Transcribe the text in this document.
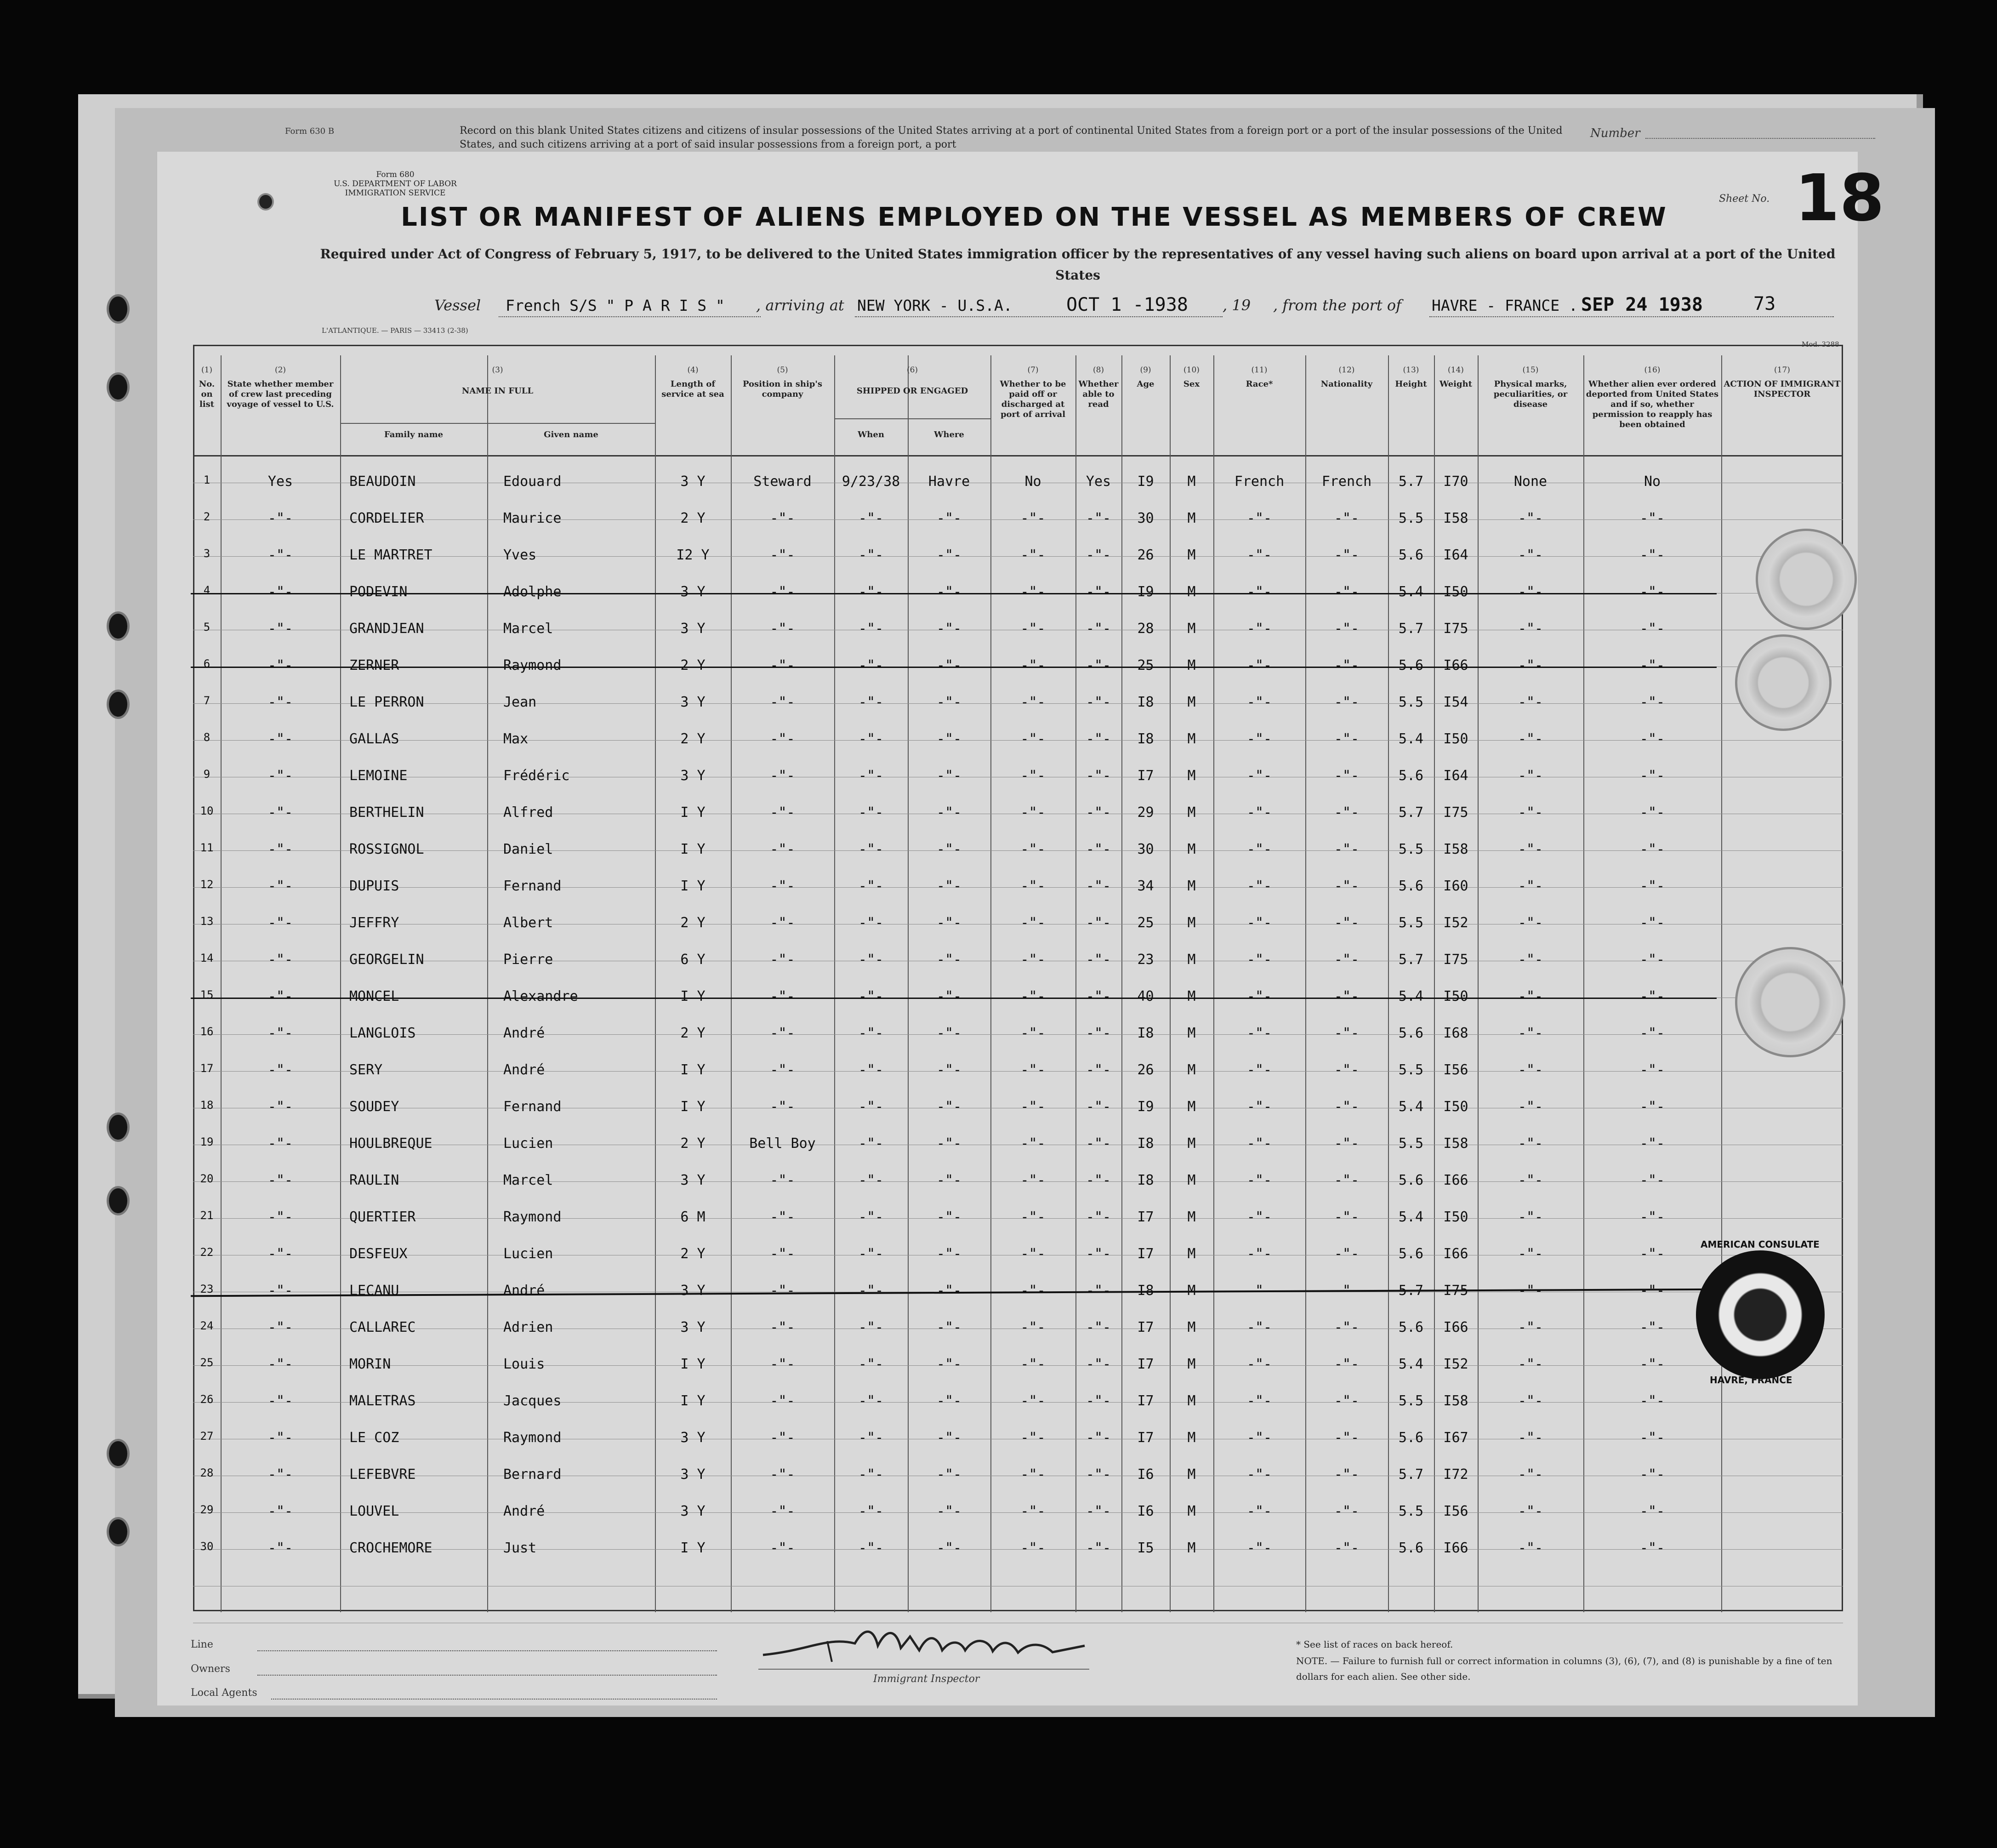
Form 630 B	Record on this blank United States citizens and citizens of insular possessions of the United States arriving at a port of continental United States from a foreign port or a port of the insular possessions of the United States, and such citizens arriving at a port of said insular possessions from a foreign port, a port
Number
Form 680
U.S. DEPARTMENT OF LABOR
IMMIGRATION SERVICE
LIST OR MANIFEST OF ALIENS EMPLOYED ON THE VESSEL AS MEMBERS OF CREW
Sheet No. 18
Required under Act of Congress of February 5, 1917, to be delivered to the United States immigration officer by the representatives of any vessel having such aliens on board upon arrival at a port of the United States
Vessel French S/S " P A R I S " , arriving at NEW YORK - U.S.A.	OCT 1 -1938 , 19 , from the port of HAVRE - FRANCE . SEP 24 1938	73
L'ATLANTIQUE. — PARIS — 33413 (2-38)
Mod. 3288
(1)
No. on list
(2)
State whether member of crew last preceding voyage of vessel to U.S.
(3)
NAME IN FULL
Family name	Given name
(4)
Length of service at sea
(5)
Position in ship's company
(6)
SHIPPED OR ENGAGED
When	Where
(7)
Whether to be paid off or discharged at port of arrival
(8)
Whether able to read
(9)
Age
(10)
Sex
(11)
Race*
(12)
Nationality
(13)
Height
(14)
Weight
(15)
Physical marks, peculiarities, or disease
(16)
Whether alien ever ordered deported from United States and if so, whether permission to reapply has been obtained
(17)
ACTION OF IMMIGRANT INSPECTOR
1	Yes	BEAUDOIN	Edouard	3 Y	Steward	9/23/38	Havre	No	Yes	I9	M	French	French	5.7	I70	None	No
2	-"-	CORDELIER	Maurice	2 Y	-"-	-"-	-"-	-"-	-"-	30	M	-"-	-"-	5.5	I58	-"-	-"-
3	-"-	LE MARTRET	Yves	I2 Y	-"-	-"-	-"-	-"-	-"-	26	M	-"-	-"-	5.6	I64	-"-	-"-
4	-"-	PODEVIN	Adolphe	3 Y	-"-	-"-	-"-	-"-	-"-	I9	M	-"-	-"-	5.4	I50	-"-	-"-
5	-"-	GRANDJEAN	Marcel	3 Y	-"-	-"-	-"-	-"-	-"-	28	M	-"-	-"-	5.7	I75	-"-	-"-
6	-"-	ZERNER	Raymond	2 Y	-"-	-"-	-"-	-"-	-"-	25	M	-"-	-"-	5.6	I66	-"-	-"-
7	-"-	LE PERRON	Jean	3 Y	-"-	-"-	-"-	-"-	-"-	I8	M	-"-	-"-	5.5	I54	-"-	-"-
8	-"-	GALLAS	Max	2 Y	-"-	-"-	-"-	-"-	-"-	I8	M	-"-	-"-	5.4	I50	-"-	-"-
9	-"-	LEMOINE	Frédéric	3 Y	-"-	-"-	-"-	-"-	-"-	I7	M	-"-	-"-	5.6	I64	-"-	-"-
10	-"-	BERTHELIN	Alfred	I Y	-"-	-"-	-"-	-"-	-"-	29	M	-"-	-"-	5.7	I75	-"-	-"-
11	-"-	ROSSIGNOL	Daniel	I Y	-"-	-"-	-"-	-"-	-"-	30	M	-"-	-"-	5.5	I58	-"-	-"-
12	-"-	DUPUIS	Fernand	I Y	-"-	-"-	-"-	-"-	-"-	34	M	-"-	-"-	5.6	I60	-"-	-"-
13	-"-	JEFFRY	Albert	2 Y	-"-	-"-	-"-	-"-	-"-	25	M	-"-	-"-	5.5	I52	-"-	-"-
14	-"-	GEORGELIN	Pierre	6 Y	-"-	-"-	-"-	-"-	-"-	23	M	-"-	-"-	5.7	I75	-"-	-"-
15	-"-	MONCEL	Alexandre	I Y	-"-	-"-	-"-	-"-	-"-	40	M	-"-	-"-	5.4	I50	-"-	-"-
16	-"-	LANGLOIS	André	2 Y	-"-	-"-	-"-	-"-	-"-	I8	M	-"-	-"-	5.6	I68	-"-	-"-
17	-"-	SERY	André	I Y	-"-	-"-	-"-	-"-	-"-	26	M	-"-	-"-	5.5	I56	-"-	-"-
18	-"-	SOUDEY	Fernand	I Y	-"-	-"-	-"-	-"-	-"-	I9	M	-"-	-"-	5.4	I50	-"-	-"-
19	-"-	HOULBREQUE	Lucien	2 Y	Bell Boy	-"-	-"-	-"-	-"-	I8	M	-"-	-"-	5.5	I58	-"-	-"-
20	-"-	RAULIN	Marcel	3 Y	-"-	-"-	-"-	-"-	-"-	I8	M	-"-	-"-	5.6	I66	-"-	-"-
21	-"-	QUERTIER	Raymond	6 M	-"-	-"-	-"-	-"-	-"-	I7	M	-"-	-"-	5.4	I50	-"-	-"-
22	-"-	DESFEUX	Lucien	2 Y	-"-	-"-	-"-	-"-	-"-	I7	M	-"-	-"-	5.6	I66	-"-	-"-
23	-"-	LECANU	André	3 Y	-"-	-"-	-"-	-"-	-"-	I8	M	-"-	-"-	5.7	I75	-"-	-"-
24	-"-	CALLAREC	Adrien	3 Y	-"-	-"-	-"-	-"-	-"-	I7	M	-"-	-"-	5.6	I66	-"-	-"-
25	-"-	MORIN	Louis	I Y	-"-	-"-	-"-	-"-	-"-	I7	M	-"-	-"-	5.4	I52	-"-	-"-
26	-"-	MALETRAS	Jacques	I Y	-"-	-"-	-"-	-"-	-"-	I7	M	-"-	-"-	5.5	I58	-"-	-"-
27	-"-	LE COZ	Raymond	3 Y	-"-	-"-	-"-	-"-	-"-	I7	M	-"-	-"-	5.6	I67	-"-	-"-
28	-"-	LEFEBVRE	Bernard	3 Y	-"-	-"-	-"-	-"-	-"-	I6	M	-"-	-"-	5.7	I72	-"-	-"-
29	-"-	LOUVEL	André	3 Y	-"-	-"-	-"-	-"-	-"-	I6	M	-"-	-"-	5.5	I56	-"-	-"-
30	-"-	CROCHEMORE	Just	I Y	-"-	-"-	-"-	-"-	-"-	I5	M	-"-	-"-	5.6	I66	-"-	-"-
HAVRE, FRANCE
AMERICAN CONSULATE
Line
Owners
Local Agents
Immigrant Inspector
* See list of races on back hereof.
NOTE. — Failure to furnish full or correct information in columns (3), (6), (7), and (8) is punishable by a fine of ten dollars for each alien. See other side.
